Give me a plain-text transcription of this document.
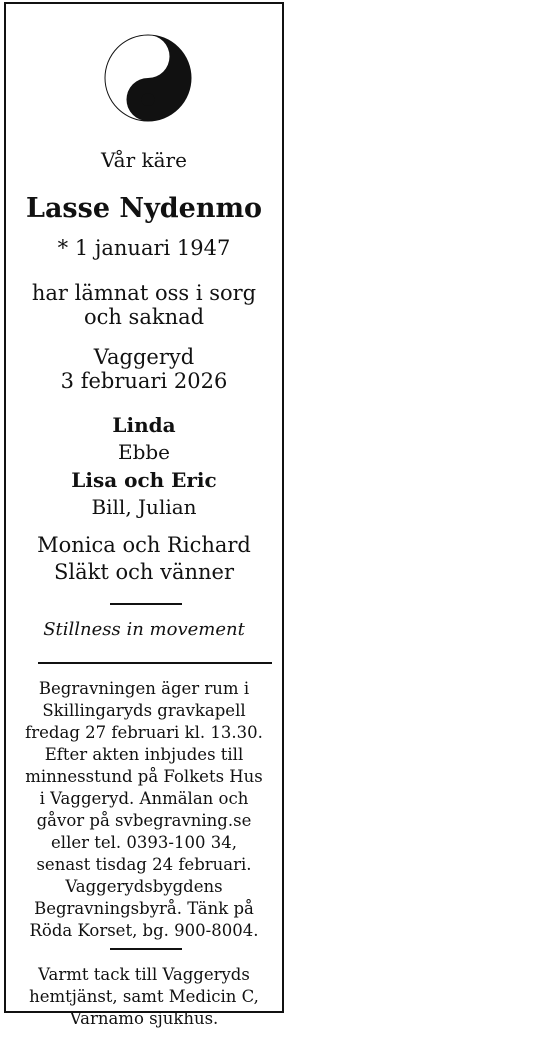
Vår käre
Lasse Nydenmo
* 1 januari 1947
har lämnat oss i sorg
och saknad
Vaggeryd
3 februari 2026
Linda
Ebbe
Lisa och Eric
Bill, Julian
Monica och Richard
Släkt och vänner
Stillness in movement
Begravningen äger rum i
Skillingaryds gravkapell
fredag 27 februari kl. 13.30.
Efter akten inbjudes till
minnesstund på Folkets Hus
i Vaggeryd. Anmälan och
gåvor på svbegravning.se
eller tel. 0393-100 34,
senast tisdag 24 februari.
Vaggerydsbygdens
Begravningsbyrå. Tänk på
Röda Korset, bg. 900-8004.
Varmt tack till Vaggeryds
hemtjänst, samt Medicin C,
Värnamo sjukhus.
